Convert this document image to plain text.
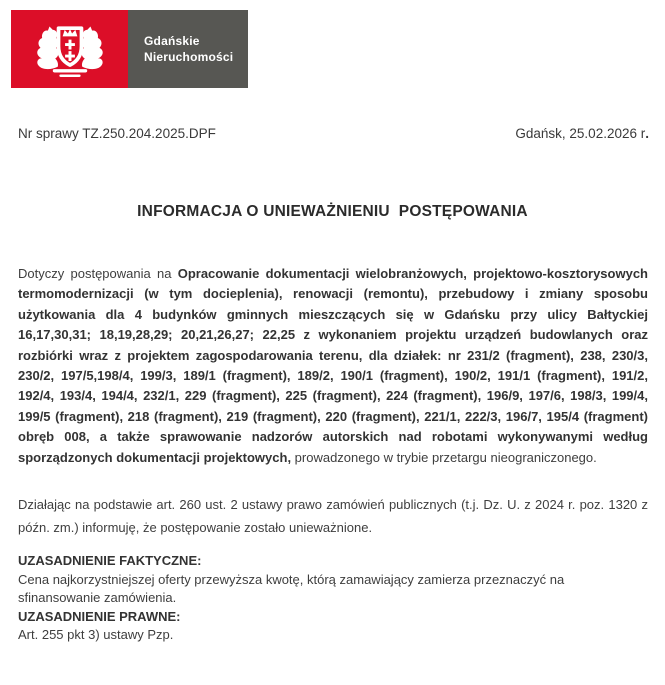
Gdańskie
Nieruchomości
Nr sprawy TZ.250.204.2025.DPF	Gdańsk, 25.02.2026 r.
INFORMACJA O UNIEWAŻNIENIU  POSTĘPOWANIA

Dotyczy postępowania na Opracowanie dokumentacji wielobranżowych, projektowo-kosztorysowych termomodernizacji (w tym docieplenia), renowacji (remontu), przebudowy i zmiany sposobu użytkowania dla 4 budynków gminnych mieszczących się w Gdańsku przy ulicy Bałtyckiej 16,17,30,31; 18,19,28,29; 20,21,26,27; 22,25 z wykonaniem projektu urządzeń budowlanych oraz rozbiórki wraz z projektem zagospodarowania terenu, dla działek: nr 231/2 (fragment), 238, 230/3, 230/2, 197/5,198/4, 199/3, 189/1 (fragment), 189/2, 190/1 (fragment), 190/2, 191/1 (fragment), 191/2, 192/4, 193/4, 194/4, 232/1, 229 (fragment), 225 (fragment), 224 (fragment), 196/9, 197/6, 198/3, 199/4, 199/5 (fragment), 218 (fragment), 219 (fragment), 220 (fragment), 221/1, 222/3, 196/7, 195/4 (fragment) obręb 008, a także sprawowanie nadzorów autorskich nad robotami wykonywanymi według sporządzonych dokumentacji projektowych, prowadzonego w trybie przetargu nieograniczonego.

Działając na podstawie art. 260 ust. 2 ustawy prawo zamówień publicznych (t.j. Dz. U. z 2024 r. poz. 1320 z późn. zm.) informuję, że postępowanie zostało unieważnione.

UZASADNIENIE FAKTYCZNE:
Cena najkorzystniejszej oferty przewyższa kwotę, którą zamawiający zamierza przeznaczyć na sfinansowanie zamówienia.
UZASADNIENIE PRAWNE:
Art. 255 pkt 3) ustawy Pzp.
